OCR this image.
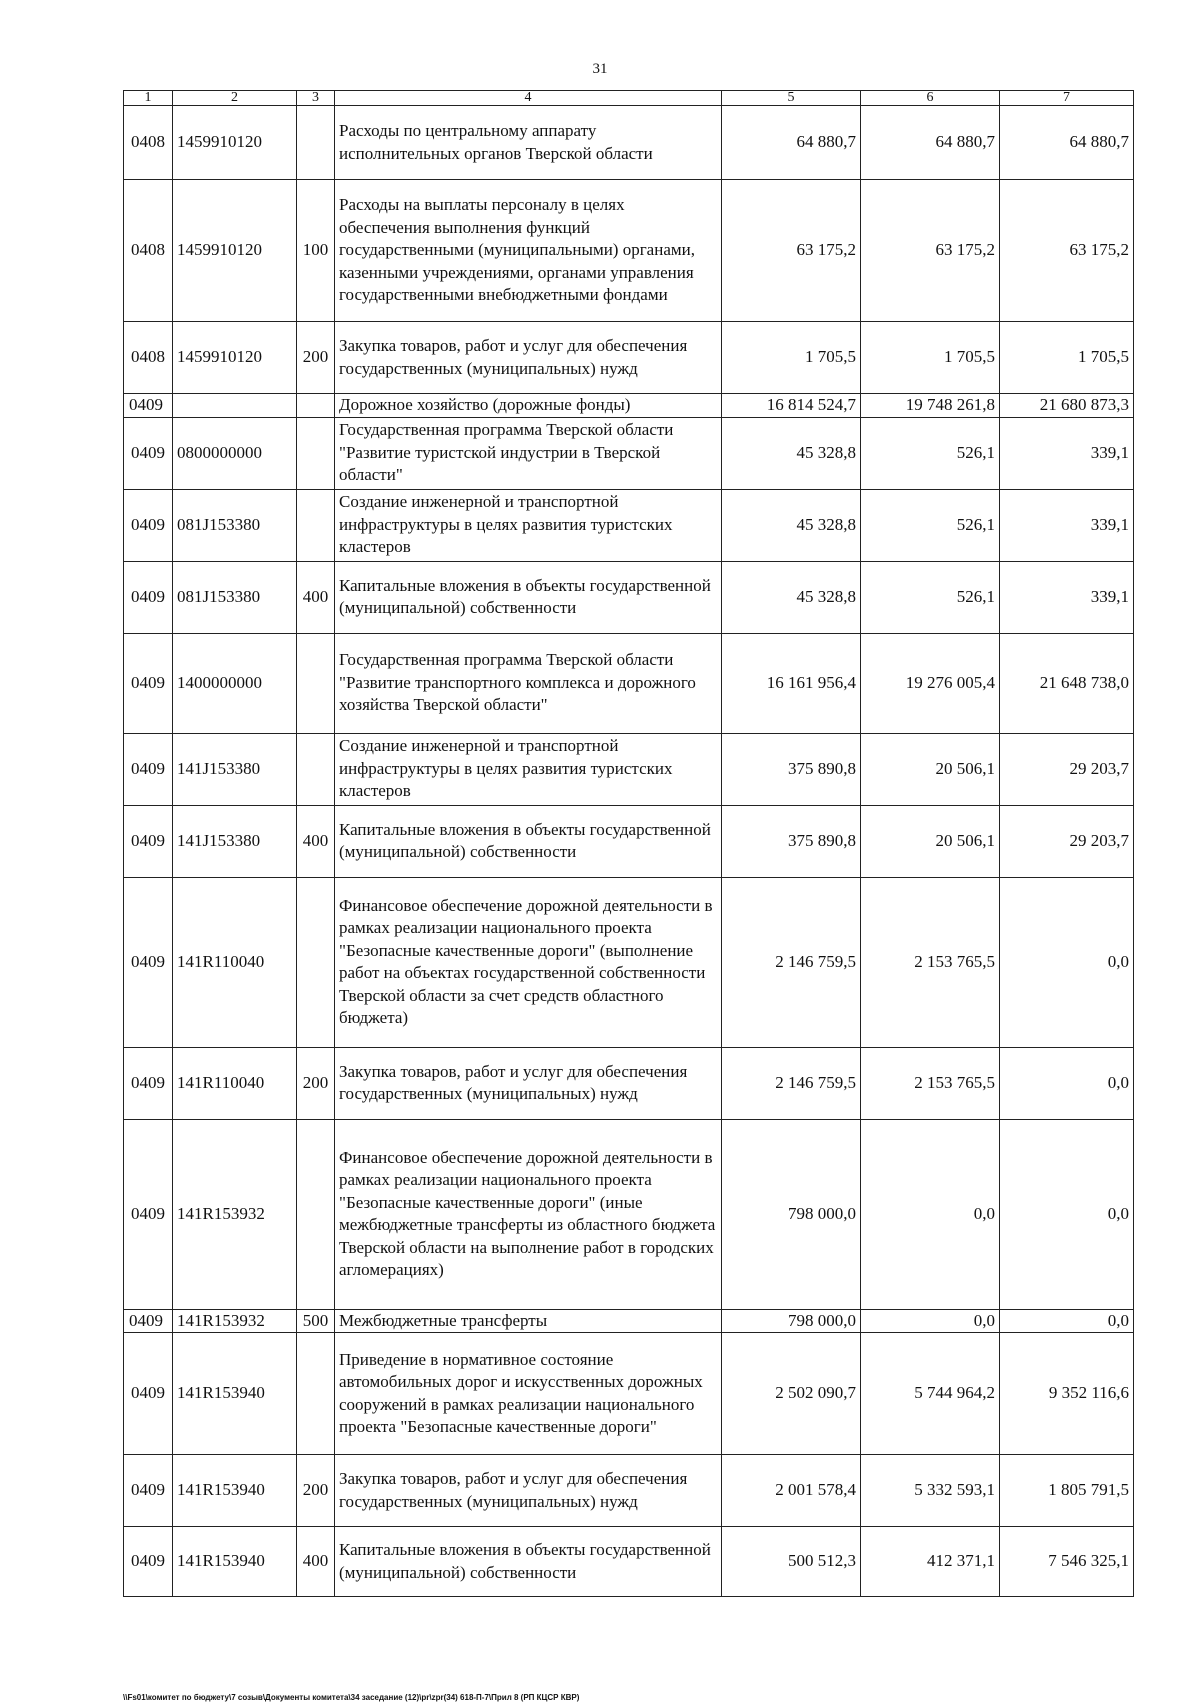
31
1	2	3	4	5	6	7
0408	1459910120		Расходы по центральному аппарату исполнительных органов Тверской области	64 880,7	64 880,7	64 880,7
0408	1459910120	100	Расходы на выплаты персоналу в целях обеспечения выполнения функций государственными (муниципальными) органами, казенными учреждениями, органами управления государственными внебюджетными фондами	63 175,2	63 175,2	63 175,2
0408	1459910120	200	Закупка товаров, работ и услуг для обеспечения государственных (муниципальных) нужд	1 705,5	1 705,5	1 705,5
0409			Дорожное хозяйство (дорожные фонды)	16 814 524,7	19 748 261,8	21 680 873,3
0409	0800000000		Государственная программа Тверской области "Развитие туристской индустрии в Тверской области"	45 328,8	526,1	339,1
0409	081J153380		Создание инженерной и транспортной инфраструктуры в целях развития туристских кластеров	45 328,8	526,1	339,1
0409	081J153380	400	Капитальные вложения в объекты государственной (муниципальной) собственности	45 328,8	526,1	339,1
0409	1400000000		Государственная программа Тверской области "Развитие транспортного комплекса и дорожного хозяйства Тверской области"	16 161 956,4	19 276 005,4	21 648 738,0
0409	141J153380		Создание инженерной и транспортной инфраструктуры в целях развития туристских кластеров	375 890,8	20 506,1	29 203,7
0409	141J153380	400	Капитальные вложения в объекты государственной (муниципальной) собственности	375 890,8	20 506,1	29 203,7
0409	141R110040		Финансовое обеспечение дорожной деятельности в рамках реализации национального проекта "Безопасные качественные дороги" (выполнение работ на объектах государственной собственности Тверской области за счет средств областного бюджета)	2 146 759,5	2 153 765,5	0,0
0409	141R110040	200	Закупка товаров, работ и услуг для обеспечения государственных (муниципальных) нужд	2 146 759,5	2 153 765,5	0,0
0409	141R153932		Финансовое обеспечение дорожной деятельности в рамках реализации национального проекта "Безопасные качественные дороги" (иные межбюджетные трансферты из областного бюджета Тверской области на выполнение работ в городских агломерациях)	798 000,0	0,0	0,0
0409	141R153932	500	Межбюджетные трансферты	798 000,0	0,0	0,0
0409	141R153940		Приведение в нормативное состояние автомобильных дорог и искусственных дорожных сооружений в рамках реализации национального проекта "Безопасные качественные дороги"	2 502 090,7	5 744 964,2	9 352 116,6
0409	141R153940	200	Закупка товаров, работ и услуг для обеспечения государственных (муниципальных) нужд	2 001 578,4	5 332 593,1	1 805 791,5
0409	141R153940	400	Капитальные вложения в объекты государственной (муниципальной) собственности	500 512,3	412 371,1	7 546 325,1
\\Fs01\комитет по бюджету\7 созыв\Документы комитета\34 заседание (12)\pr\zpr(34) 618-П-7\Прил 8 (РП КЦСР КВР)
